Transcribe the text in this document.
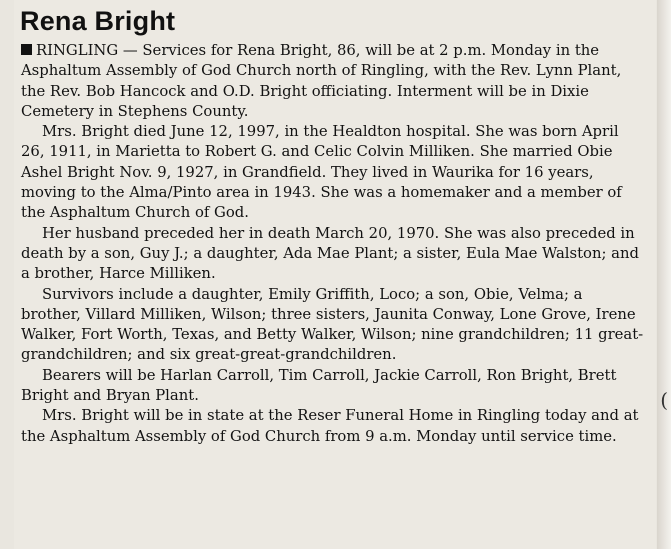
Rena Bright

RINGLING — Services for Rena Bright, 86, will be at 2 p.m. Monday in the Asphaltum Assembly of God Church north of Ringling, with the Rev. Lynn Plant, the Rev. Bob Hancock and O.D. Bright officiating. Interment will be in Dixie Cemetery in Stephens County.

Mrs. Bright died June 12, 1997, in the Healdton hospital. She was born April 26, 1911, in Marietta to Robert G. and Celic Colvin Milliken. She married Obie Ashel Bright Nov. 9, 1927, in Grandfield. They lived in Waurika for 16 years, moving to the Alma/Pinto area in 1943. She was a homemaker and a member of the Asphaltum Church of God.

Her husband preceded her in death March 20, 1970. She was also preceded in death by a son, Guy J.; a daughter, Ada Mae Plant; a sister, Eula Mae Walston; and a brother, Harce Milliken.

Survivors include a daughter, Emily Griffith, Loco; a son, Obie, Velma; a brother, Villard Milliken, Wilson; three sisters, Jaunita Conway, Lone Grove, Irene Walker, Fort Worth, Texas, and Betty Walker, Wilson; nine grandchildren; 11 great-grandchildren; and six great-great-grandchildren.

Bearers will be Harlan Carroll, Tim Carroll, Jackie Carroll, Ron Bright, Brett Bright and Bryan Plant.

Mrs. Bright will be in state at the Reser Funeral Home in Ringling today and at the Asphaltum Assembly of God Church from 9 a.m. Monday until service time.

(
